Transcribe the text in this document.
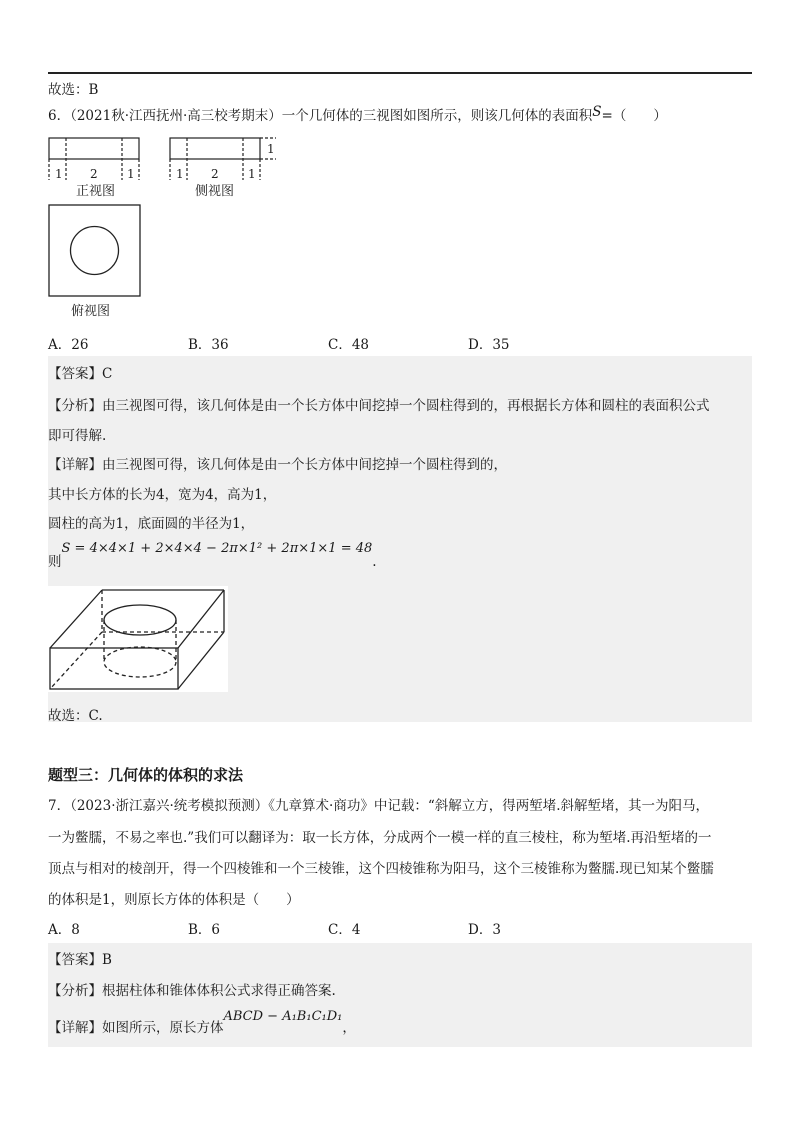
故选：B
6．（2021秋·江西抚州·高三校考期末）一个几何体的三视图如图所示，则该几何体的表面积S=（　　）
1 2 1
正视图
1 2 1
1
侧视图
俯视图
A．26	B．36	C．48	D．35
【答案】C
【分析】由三视图可得，该几何体是由一个长方体中间挖掉一个圆柱得到的，再根据长方体和圆柱的表面积公式
即可得解.
【详解】由三视图可得，该几何体是由一个长方体中间挖掉一个圆柱得到的，
其中长方体的长为4，宽为4，高为1，
圆柱的高为1，底面圆的半径为1，
则S = 4×4×1 + 2×4×4 − 2π×1² + 2π×1×1 = 48.
故选：C.
题型三：几何体的体积的求法
7．（2023·浙江嘉兴·统考模拟预测）《九章算术·商功》中记载：“斜解立方，得两堑堵.斜解堑堵，其一为阳马，
一为鳖臑，不易之率也.”我们可以翻译为：取一长方体，分成两个一模一样的直三棱柱，称为堑堵.再沿堑堵的一
顶点与相对的棱剖开，得一个四棱锥和一个三棱锥，这个四棱锥称为阳马，这个三棱锥称为鳖臑.现已知某个鳖臑
的体积是1，则原长方体的体积是（　　）
A．8	B．6	C．4	D．3
【答案】B
【分析】根据柱体和锥体体积公式求得正确答案.
【详解】如图所示，原长方体ABCD − A₁B₁C₁D₁，
